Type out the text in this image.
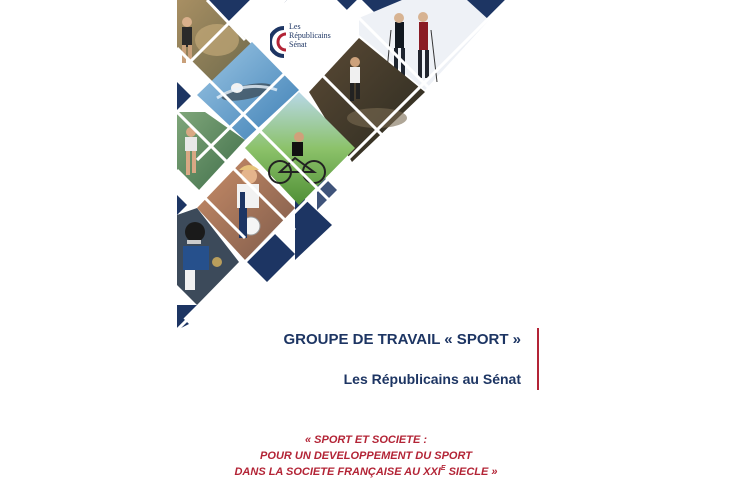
Les
Républicains
Sénat
GROUPE DE TRAVAIL « SPORT »
Les Républicains au Sénat
« SPORT ET SOCIETE :
POUR UN DEVELOPPEMENT DU SPORT
DANS LA SOCIETE FRANÇAISE AU $XXI^E$ SIECLE »
